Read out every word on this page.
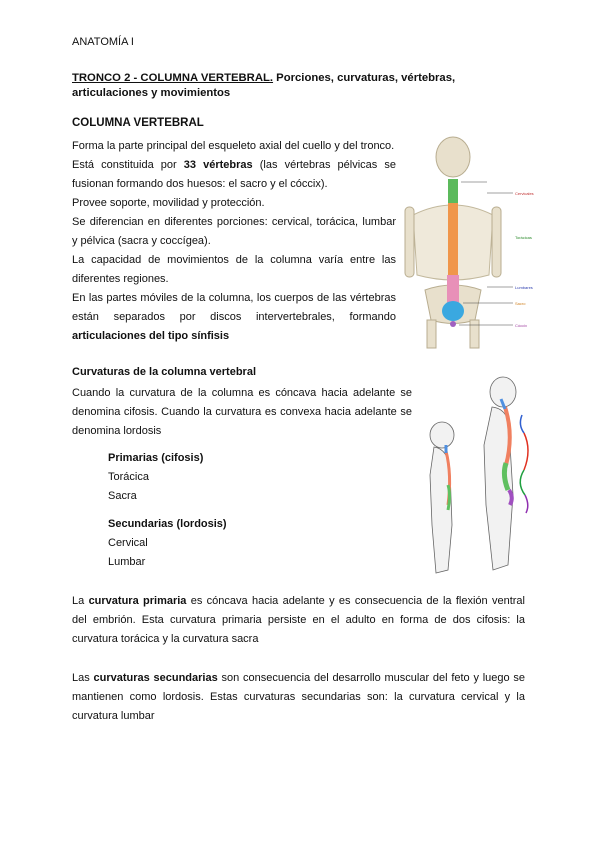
ANATOMÍA I
TRONCO 2 - COLUMNA VERTEBRAL. Porciones, curvaturas, vértebras, articulaciones y movimientos
COLUMNA VERTEBRAL

Forma la parte principal del esqueleto axial del cuello y del tronco.

Está constituida por 33 vértebras (las vértebras pélvicas se fusionan formando dos huesos: el sacro y el cóccix).

Provee soporte, movilidad y protección.

Se diferencian en diferentes porciones: cervical, torácica, lumbar y pélvica (sacra y coccígea).

La capacidad de movimientos de la columna varía entre las diferentes regiones.

En las partes móviles de la columna, los cuerpos de las vértebras están separados por discos intervertebrales, formando articulaciones del tipo sínfisis

Cervicales
Torácicas
Lumbares
Sacro
Cóccix
Curvaturas de la columna vertebral
Cuando la curvatura de la columna es cóncava hacia adelante se denomina cifosis. Cuando la curvatura es convexa hacia adelante se denomina lordosis
Primarias (cifosis)
Torácica
Sacra
Secundarias (lordosis)
Cervical
Lumbar
La curvatura primaria es cóncava hacia adelante y es consecuencia de la flexión ventral del embrión. Esta curvatura primaria persiste en el adulto en forma de dos cifosis: la curvatura torácica y la curvatura sacra
Las curvaturas secundarias son consecuencia del desarrollo muscular del feto y luego se mantienen como lordosis. Estas curvaturas secundarias son: la curvatura cervical y la curvatura lumbar
